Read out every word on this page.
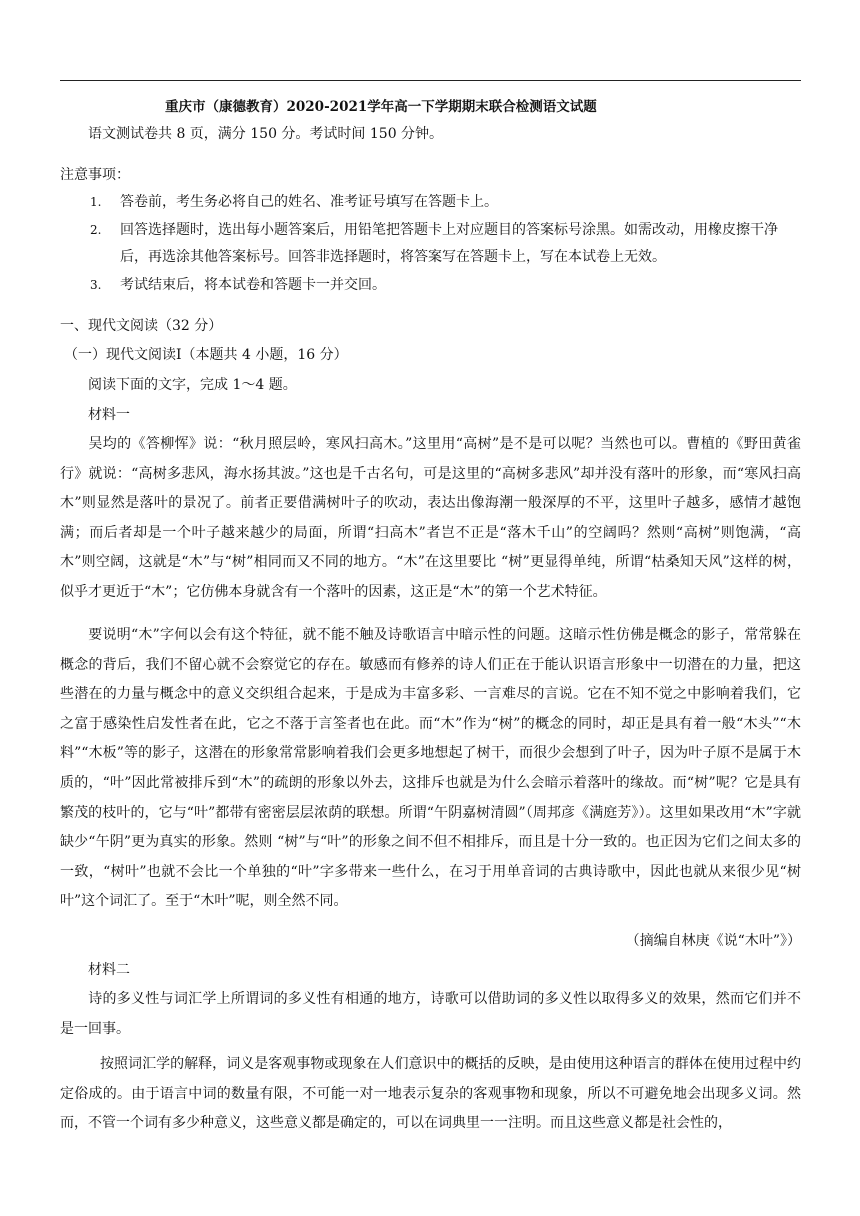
重庆市（康德教育）2020-2021学年高一下学期期末联合检测语文试题
语文测试卷共 8 页，满分 150 分。考试时间 150 分钟。
注意事项：
1. 答卷前，考生务必将自己的姓名、准考证号填写在答题卡上。
2. 回答选择题时，选出每小题答案后，用铅笔把答题卡上对应题目的答案标号涂黑。如需改动，用橡皮擦干净
后，再选涂其他答案标号。回答非选择题时，将答案写在答题卡上，写在本试卷上无效。
3. 考试结束后，将本试卷和答题卡一并交回。
一、现代文阅读（32 分）
（一）现代文阅读Ⅰ（本题共 4 小题，16 分）
阅读下面的文字，完成 1～4 题。
材料一
吴均的《答柳恽》说：“秋月照层岭，寒风扫高木。”这里用“高树”是不是可以呢？当然也可以。曹植的《野田黄雀行》就说：“高树多悲风，海水扬其波。”这也是千古名句，可是这里的“高树多悲风”却并没有落叶的形象，而“寒风扫高木”则显然是落叶的景况了。前者正要借满树叶子的吹动，表达出像海潮一般深厚的不平，这里叶子越多，感情才越饱满；而后者却是一个叶子越来越少的局面，所谓“扫高木”者岂不正是“落木千山”的空阔吗？然则“高树”则饱满，“高木”则空阔，这就是“木”与“树”相同而又不同的地方。“木”在这里要比 “树”更显得单纯，所谓“枯桑知天风”这样的树，似乎才更近于“木”；它仿佛本身就含有一个落叶的因素，这正是“木”的第一个艺术特征。
要说明“木”字何以会有这个特征，就不能不触及诗歌语言中暗示性的问题。这暗示性仿佛是概念的影子，常常躲在概念的背后，我们不留心就不会察觉它的存在。敏感而有修养的诗人们正在于能认识语言形象中一切潜在的力量，把这些潜在的力量与概念中的意义交织组合起来，于是成为丰富多彩、一言难尽的言说。它在不知不觉之中影响着我们，它之富于感染性启发性者在此，它之不落于言筌者也在此。而“木”作为“树”的概念的同时，却正是具有着一般“木头”“木料”“木板”等的影子，这潜在的形象常常影响着我们会更多地想起了树干，而很少会想到了叶子，因为叶子原不是属于木质的，“叶”因此常被排斥到“木”的疏朗的形象以外去，这排斥也就是为什么会暗示着落叶的缘故。而“树”呢？它是具有繁茂的枝叶的，它与“叶”都带有密密层层浓荫的联想。所谓“午阴嘉树清圆”（周邦彦《满庭芳》）。这里如果改用“木”字就缺少“午阴”更为真实的形象。然则 “树”与“叶”的形象之间不但不相排斥，而且是十分一致的。也正因为它们之间太多的一致，“树叶”也就不会比一个单独的“叶”字多带来一些什么，在习于用单音词的古典诗歌中，因此也就从来很少见“树叶”这个词汇了。至于“木叶”呢，则全然不同。
（摘编自林庚《说“木叶”》）
材料二
诗的多义性与词汇学上所谓词的多义性有相通的地方，诗歌可以借助词的多义性以取得多义的效果，然而它们并不是一回事。
按照词汇学的解释，词义是客观事物或现象在人们意识中的概括的反映，是由使用这种语言的群体在使用过程中约定俗成的。由于语言中词的数量有限，不可能一对一地表示复杂的客观事物和现象，所以不可避免地会出现多义词。然而，不管一个词有多少种意义，这些意义都是确定的，可以在词典里一一注明。而且这些意义都是社会性的，
